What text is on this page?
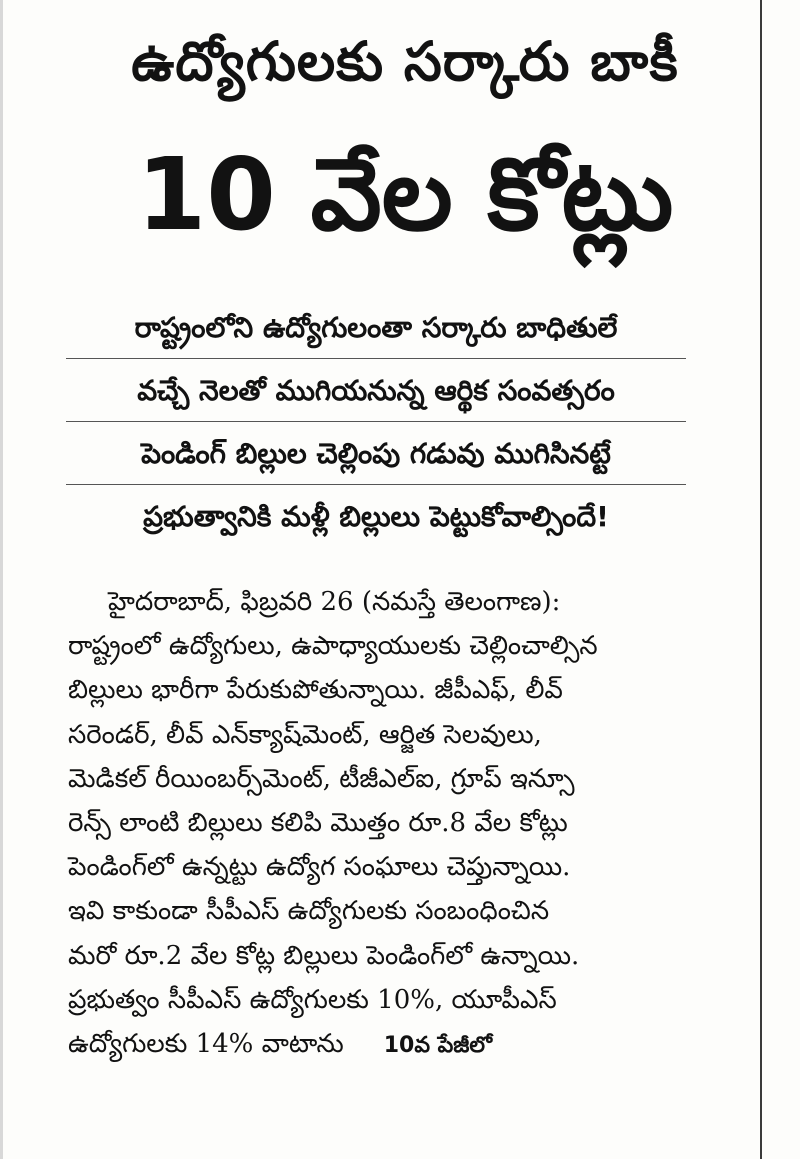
ఉద్యోగులకు సర్కారు బాకీ
10 వేల కోట్లు
రాష్ట్రంలోని ఉద్యోగులంతా సర్కారు బాధితులే
వచ్చే నెలతో ముగియనున్న ఆర్థిక సంవత్సరం
పెండింగ్ బిల్లుల చెల్లింపు గడువు ముగిసినట్టే
ప్రభుత్వానికి మళ్లీ బిల్లులు పెట్టుకోవాల్సిందే!
హైదరాబాద్, ఫిబ్రవరి 26 (నమస్తే తెలంగాణ):
రాష్ట్రంలో ఉద్యోగులు, ఉపాధ్యాయులకు చెల్లించాల్సిన
బిల్లులు భారీగా పేరుకుపోతున్నాయి. జీపీఎఫ్, లీవ్
సరెండర్, లీవ్ ఎన్‌క్యాష్‌మెంట్, ఆర్జిత సెలవులు,
మెడికల్ రీయింబర్స్‌మెంట్, టీజీఎల్‌ఐ, గ్రూప్ ఇన్సూ
రెన్స్ లాంటి బిల్లులు కలిపి మొత్తం రూ.8 వేల కోట్లు
పెండింగ్‌లో ఉన్నట్టు ఉద్యోగ సంఘాలు చెప్తున్నాయి.
ఇవి కాకుండా సీపీఎస్ ఉద్యోగులకు సంబంధించిన
మరో రూ.2 వేల కోట్ల బిల్లులు పెండింగ్‌లో ఉన్నాయి.
ప్రభుత్వం సీపీఎస్ ఉద్యోగులకు 10%, యూపీఎస్
ఉద్యోగులకు 14% వాటాను 10వ పేజీలో
